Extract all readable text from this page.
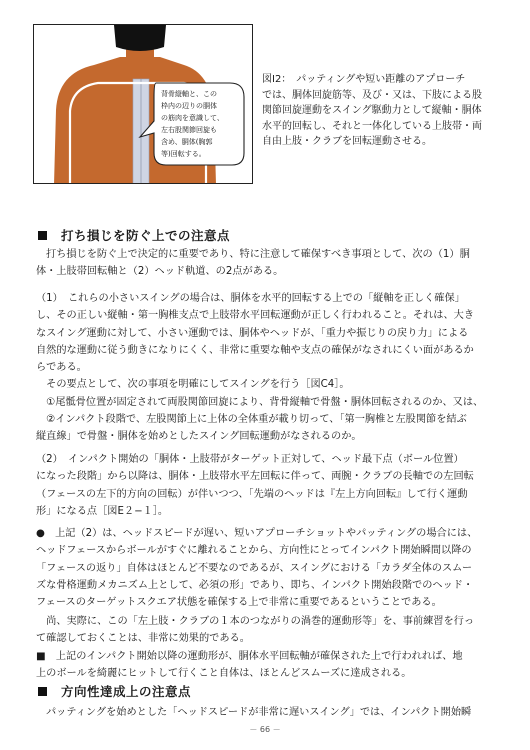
背骨縦軸と、この
枠内の辺りの胴体
の筋肉を意識して、
左右股関節回旋も
含め、胴体(胸郭
等)回転する。
図I2：　パッティングや短い距離のアプローチ
では、胴体回旋筋等、及び・又は、下肢による股
関節回旋運動をスイング駆動力として縦軸・胴体
水平的回転し、それと一体化している上肢帯・両
自由上肢・クラブを回転運動させる。
打ち損じを防ぐ上での注意点

打ち損じを防ぐ上で決定的に重要であり、特に注意して確保すべき事項として、次の（1）胴

体・上肢帯回転軸と（2）ヘッド軌道、の2点がある。

（1）　これらの小さいスイングの場合は、胴体を水平的回転する上での「縦軸を正しく確保」

し、その正しい縦軸・第一胸椎支点で上肢帯水平回転運動が正しく行われること。それは、大き

なスイング運動に対して、小さい運動では、胴体やヘッドが、「重力や振じりの戻り力」による

自然的な運動に従う動きになりにくく、非常に重要な軸や支点の確保がなされにくい面があるか

らである。

　その要点として、次の事項を明確にしてスイングを行う［図C4］。

　①尾骶骨位置が固定されて両股関節回旋により、背骨縦軸で骨盤・胴体回転されるのか、又は、

　②インパクト段階で、左股関節上に上体の全体重が載り切って、「第一胸椎と左股関節を結ぶ

縦直線」で骨盤・胴体を始めとしたスイング回転運動がなされるのか。

（2）　インパクト開始の「胴体・上肢帯がターゲット正対して、ヘッド最下点（ボール位置）

になった段階」から以降は、胴体・上肢帯水平左回転に伴って、両腕・クラブの長軸での左回転

（フェースの左下的方向の回転）が伴いつつ、「先端のヘッドは『左上方向回転』して行く運動

形」になる点［図E２−１］。

●　上記（2）は、ヘッドスピードが遅い、短いアプローチショットやパッティングの場合には、

ヘッドフェースからボールがすぐに離れることから、方向性にとってインパクト開始瞬間以降の

「フェースの返り」自体はほとんど不要なのであるが、スイングにおける「カラダ全体のスムー

ズな骨格運動メカニズム上として、必須の形」であり、即ち、インパクト開始段階でのヘッド・

フェースのターゲットスクエア状態を確保する上で非常に重要であるということである。

　尚、実際に、この「左上肢・クラブの１本のつながりの渦巻的運動形等」を、事前練習を行っ

て確認しておくことは、非常に効果的である。

■　上記のインパクト開始以降の運動形が、胴体水平回転軸が確保された上で行われれば、地

上のボールを綺麗にヒットして行くこと自体は、ほとんどスムーズに達成される。

方向性達成上の注意点

パッティングを始めとした「ヘッドスピードが非常に遅いスイング」では、インパクト開始瞬

－ 66 －
